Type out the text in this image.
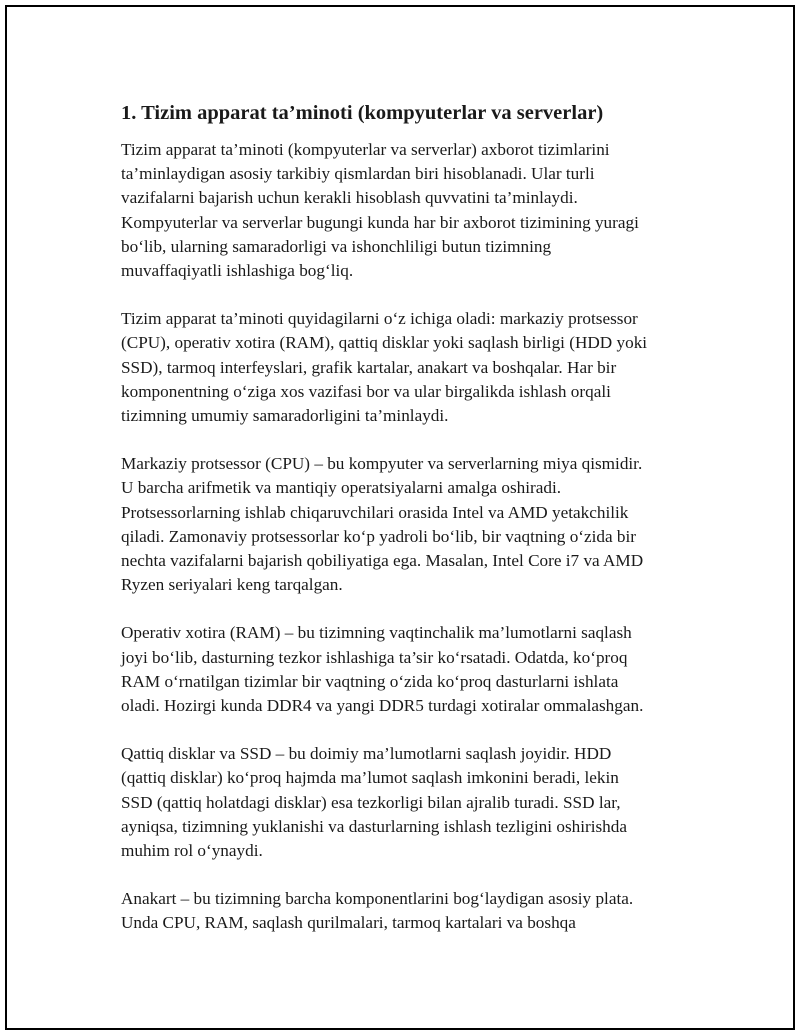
1. Tizim apparat ta’minoti (kompyuterlar va serverlar)
Tizim apparat ta’minoti (kompyuterlar va serverlar) axborot tizimlarini
ta’minlaydigan asosiy tarkibiy qismlardan biri hisoblanadi. Ular turli
vazifalarni bajarish uchun kerakli hisoblash quvvatini ta’minlaydi.
Kompyuterlar va serverlar bugungi kunda har bir axborot tizimining yuragi
bo‘lib, ularning samaradorligi va ishonchliligi butun tizimning
muvaffaqiyatli ishlashiga bog‘liq.
Tizim apparat ta’minoti quyidagilarni o‘z ichiga oladi: markaziy protsessor
(CPU), operativ xotira (RAM), qattiq disklar yoki saqlash birligi (HDD yoki
SSD), tarmoq interfeyslari, grafik kartalar, anakart va boshqalar. Har bir
komponentning o‘ziga xos vazifasi bor va ular birgalikda ishlash orqali
tizimning umumiy samaradorligini ta’minlaydi.
Markaziy protsessor (CPU) – bu kompyuter va serverlarning miya qismidir.
U barcha arifmetik va mantiqiy operatsiyalarni amalga oshiradi.
Protsessorlarning ishlab chiqaruvchilari orasida Intel va AMD yetakchilik
qiladi. Zamonaviy protsessorlar ko‘p yadroli bo‘lib, bir vaqtning o‘zida bir
nechta vazifalarni bajarish qobiliyatiga ega. Masalan, Intel Core i7 va AMD
Ryzen seriyalari keng tarqalgan.
Operativ xotira (RAM) – bu tizimning vaqtinchalik ma’lumotlarni saqlash
joyi bo‘lib, dasturning tezkor ishlashiga ta’sir ko‘rsatadi. Odatda, ko‘proq
RAM o‘rnatilgan tizimlar bir vaqtning o‘zida ko‘proq dasturlarni ishlata
oladi. Hozirgi kunda DDR4 va yangi DDR5 turdagi xotiralar ommalashgan.
Qattiq disklar va SSD – bu doimiy ma’lumotlarni saqlash joyidir. HDD
(qattiq disklar) ko‘proq hajmda ma’lumot saqlash imkonini beradi, lekin
SSD (qattiq holatdagi disklar) esa tezkorligi bilan ajralib turadi. SSD lar,
ayniqsa, tizimning yuklanishi va dasturlarning ishlash tezligini oshirishda
muhim rol o‘ynaydi.
Anakart – bu tizimning barcha komponentlarini bog‘laydigan asosiy plata.
Unda CPU, RAM, saqlash qurilmalari, tarmoq kartalari va boshqa
